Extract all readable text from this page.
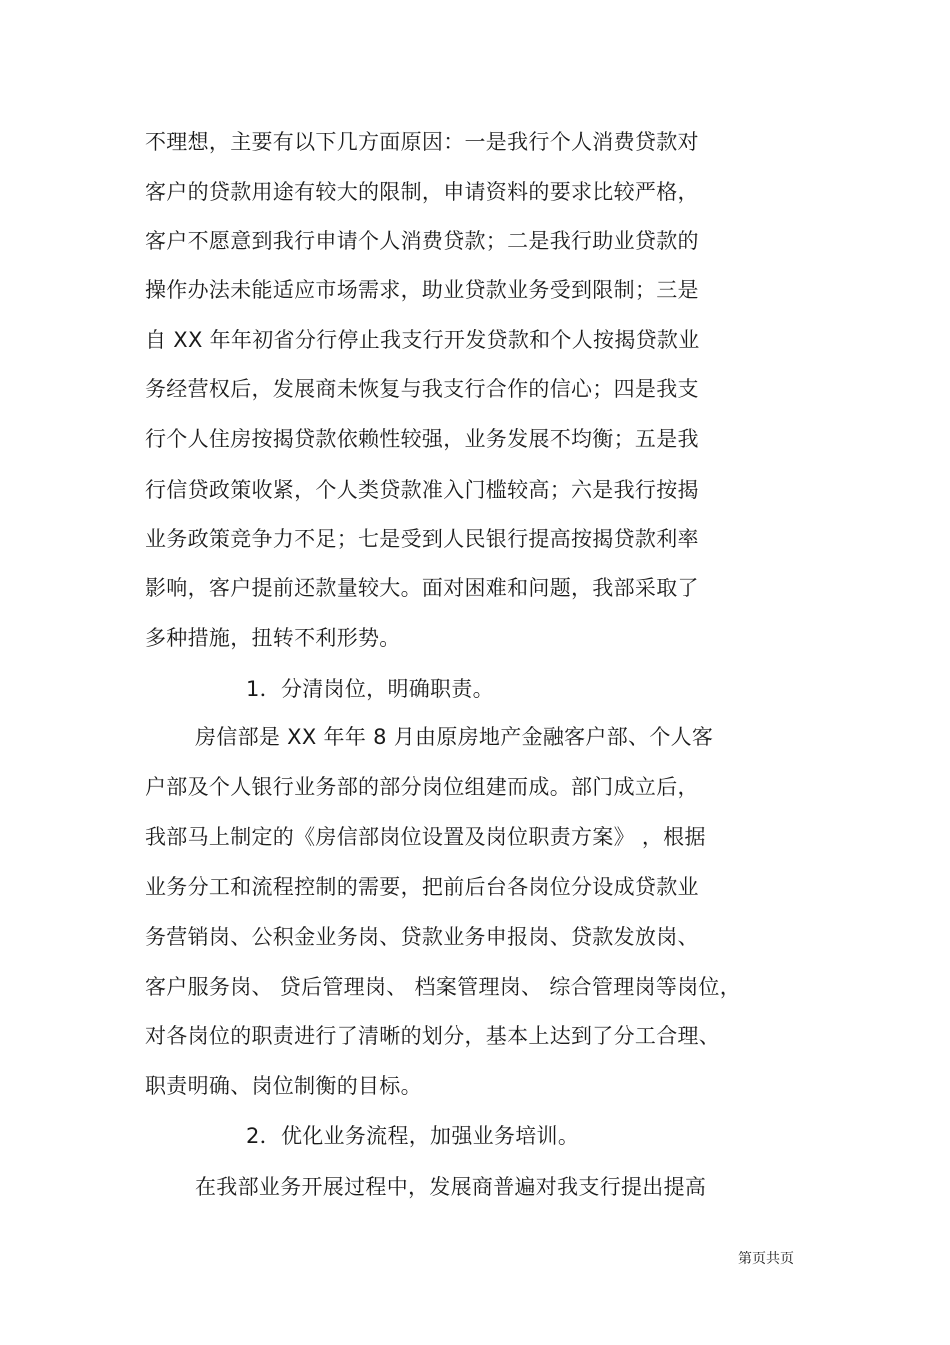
不理想，主要有以下几方面原因：一是我行个人消费贷款对
客户的贷款用途有较大的限制，申请资料的要求比较严格，
客户不愿意到我行申请个人消费贷款；二是我行助业贷款的
操作办法未能适应市场需求，助业贷款业务受到限制；三是
自 XX 年年初省分行停止我支行开发贷款和个人按揭贷款业
务经营权后，发展商未恢复与我支行合作的信心；四是我支
行个人住房按揭贷款依赖性较强，业务发展不均衡；五是我
行信贷政策收紧，个人类贷款准入门槛较高；六是我行按揭
业务政策竞争力不足；七是受到人民银行提高按揭贷款利率
影响，客户提前还款量较大。面对困难和问题，我部采取了
多种措施，扭转不利形势。
1．分清岗位，明确职责。
房信部是 XX 年年 8 月由原房地产金融客户部、个人客
户部及个人银行业务部的部分岗位组建而成。部门成立后，
我部马上制定的《房信部岗位设置及岗位职责方案》 ，根据
业务分工和流程控制的需要，把前后台各岗位分设成贷款业
务营销岗、公积金业务岗、贷款业务申报岗、贷款发放岗、
客户服务岗、 贷后管理岗、 档案管理岗、 综合管理岗等岗位，
对各岗位的职责进行了清晰的划分，基本上达到了分工合理、
职责明确、岗位制衡的目标。
2．优化业务流程，加强业务培训。
在我部业务开展过程中，发展商普遍对我支行提出提高
第页共页
